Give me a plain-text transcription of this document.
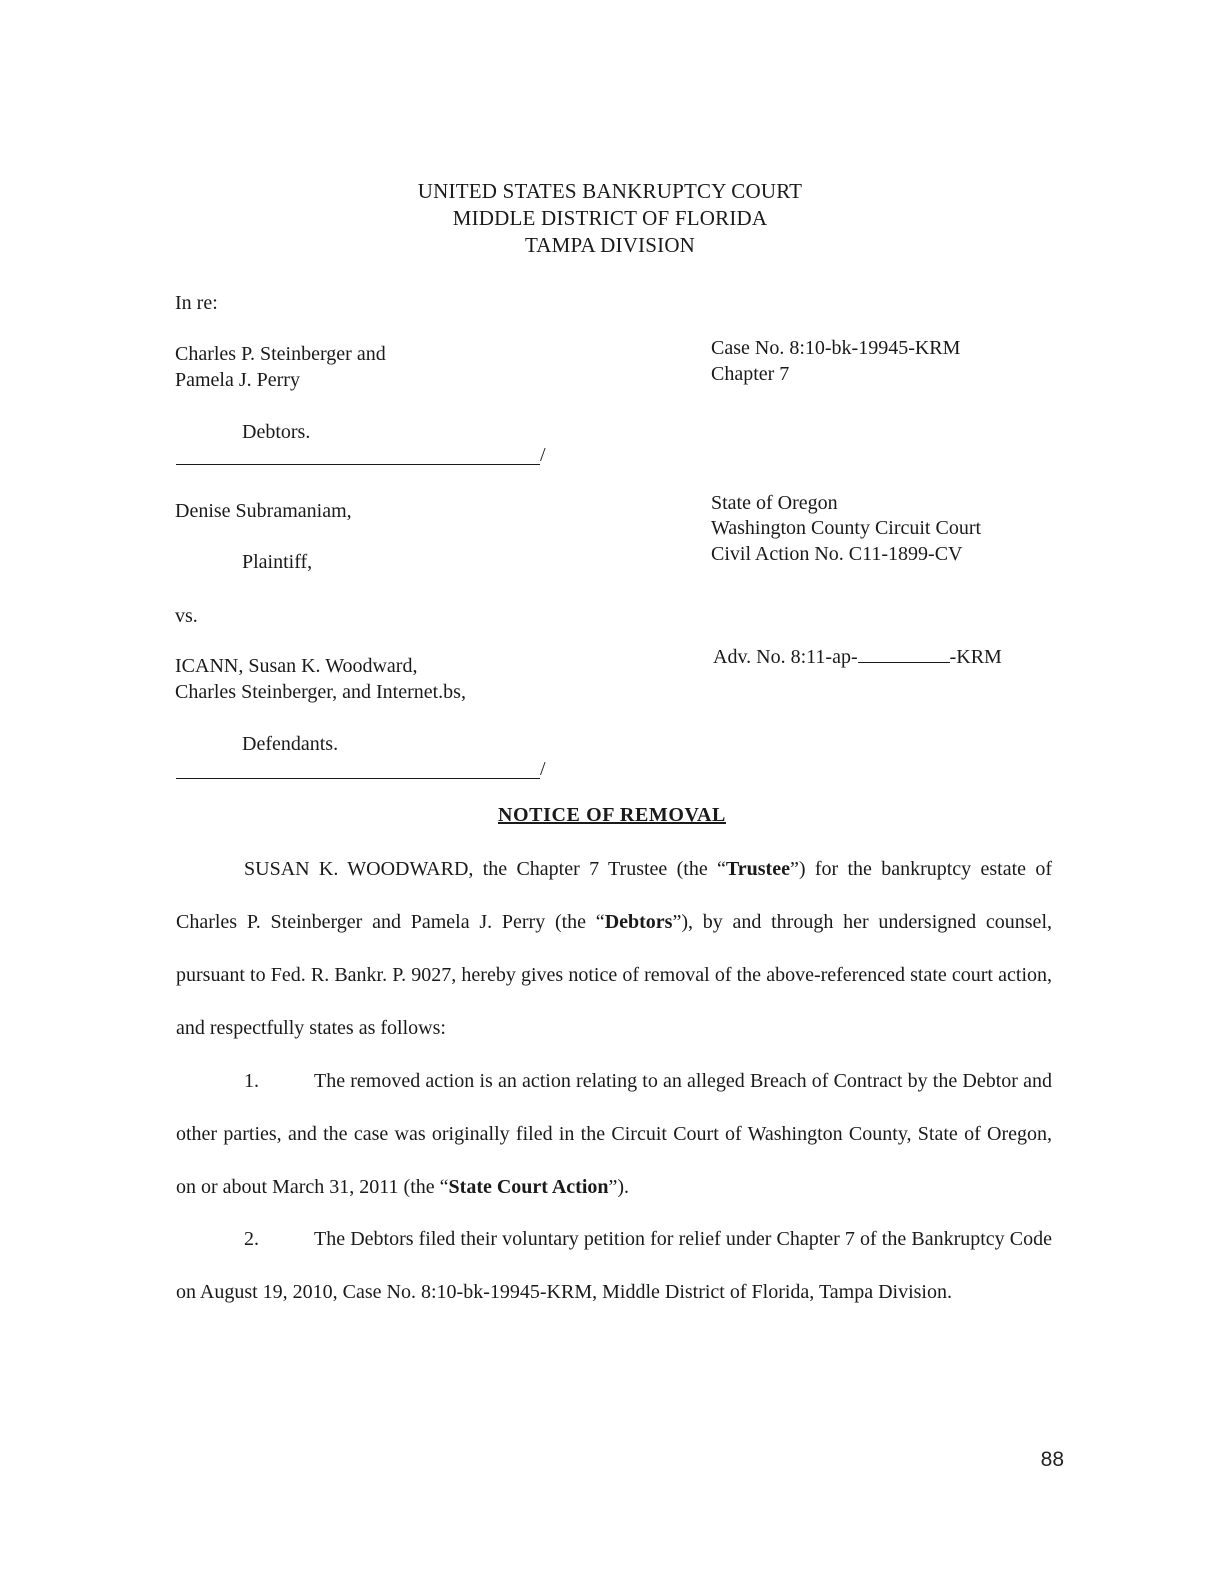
UNITED STATES BANKRUPTCY COURT
MIDDLE DISTRICT OF FLORIDA
TAMPA DIVISION
In re:
Charles P. Steinberger and
Pamela J. Perry
Case No. 8:10-bk-19945-KRM
Chapter 7
Debtors.
/
Denise Subramaniam,
Plaintiff,
State of Oregon
Washington County Circuit Court
Civil Action No. C11-1899-CV
vs.
ICANN, Susan K. Woodward,
Charles Steinberger, and Internet.bs,
Adv. No. 8:11-ap-	-KRM
Defendants.
/
NOTICE OF REMOVAL

SUSAN K. WOODWARD, the Chapter 7 Trustee (the “Trustee”) for the bankruptcy estate of Charles P. Steinberger and Pamela J. Perry (the “Debtors”), by and through her undersigned counsel, pursuant to Fed. R. Bankr. P. 9027, hereby gives notice of removal of the above-referenced state court action, and respectfully states as follows:

1.	The removed action is an action relating to an alleged Breach of Contract by the Debtor and other parties, and the case was originally filed in the Circuit Court of Washington County, State of Oregon, on or about March 31, 2011 (the “State Court Action”).

2.	The Debtors filed their voluntary petition for relief under Chapter 7 of the Bankruptcy Code on August 19, 2010, Case No. 8:10-bk-19945-KRM, Middle District of Florida, Tampa Division.

88
